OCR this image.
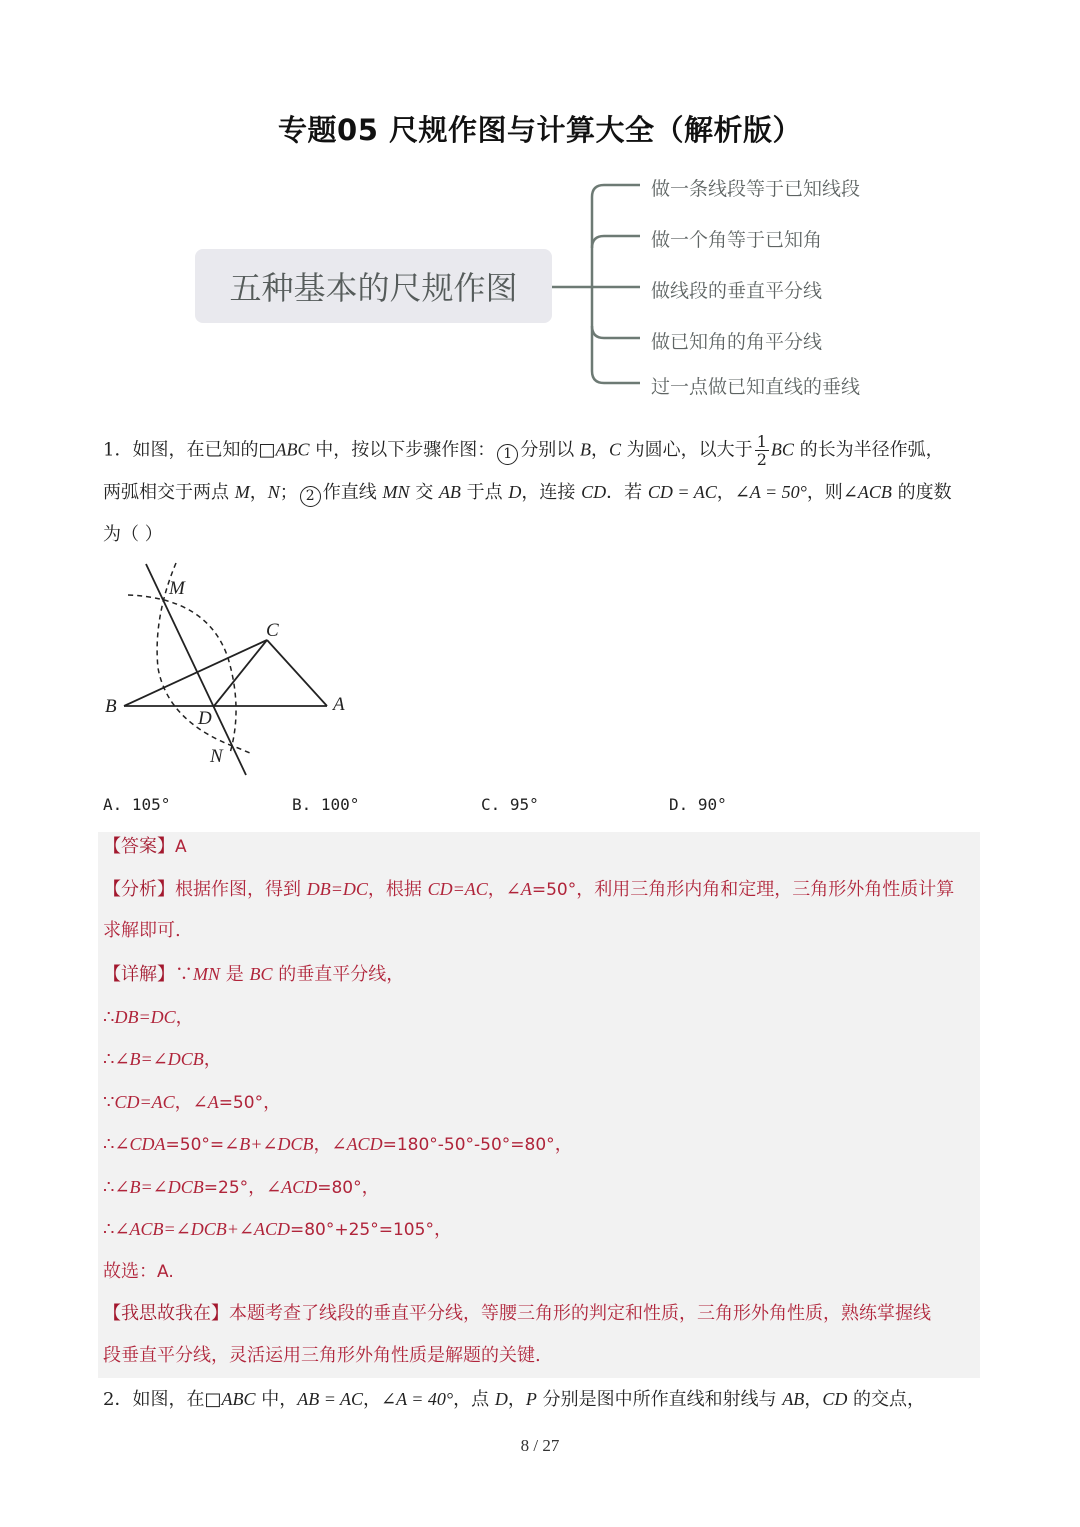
专题05 尺规作图与计算大全（解析版）
五种基本的尺规作图
做一条线段等于已知线段
做一个角等于已知角
做线段的垂直平分线
做已知角的角平分线
过一点做已知直线的垂线
1．如图，在已知的□ABC 中，按以下步骤作图： 1 分别以 B，C 为圆心，以大于 $\frac{1}{2}$ BC 的长为半径作弧，
两弧相交于两点 M，N； 2 作直线 MN 交 AB 于点 D，连接 CD．若 CD = AC，∠A = 50°，则∠ACB 的度数
为（ ）
M
C
B
D
A
N
A. 105°	B. 100°	C. 95°	D. 90°
【答案】A
【分析】根据作图，得到 DB=DC，根据 CD=AC，∠A=50°，利用三角形内角和定理，三角形外角性质计算
求解即可.
【详解】∵MN 是 BC 的垂直平分线，
∴DB=DC，
∴∠B=∠DCB，
∵CD=AC，∠A=50°，
∴∠CDA=50°=∠B+∠DCB，∠ACD=180°-50°-50°=80°，
∴∠B=∠DCB=25°，∠ACD=80°，
∴∠ACB=∠DCB+∠ACD=80°+25°=105°，
故选：A.
【我思故我在】本题考查了线段的垂直平分线，等腰三角形的判定和性质，三角形外角性质，熟练掌握线
段垂直平分线，灵活运用三角形外角性质是解题的关键.
2．如图，在□ABC 中，AB = AC，∠A = 40°，点 D，P 分别是图中所作直线和射线与 AB，CD 的交点，
8 / 27
